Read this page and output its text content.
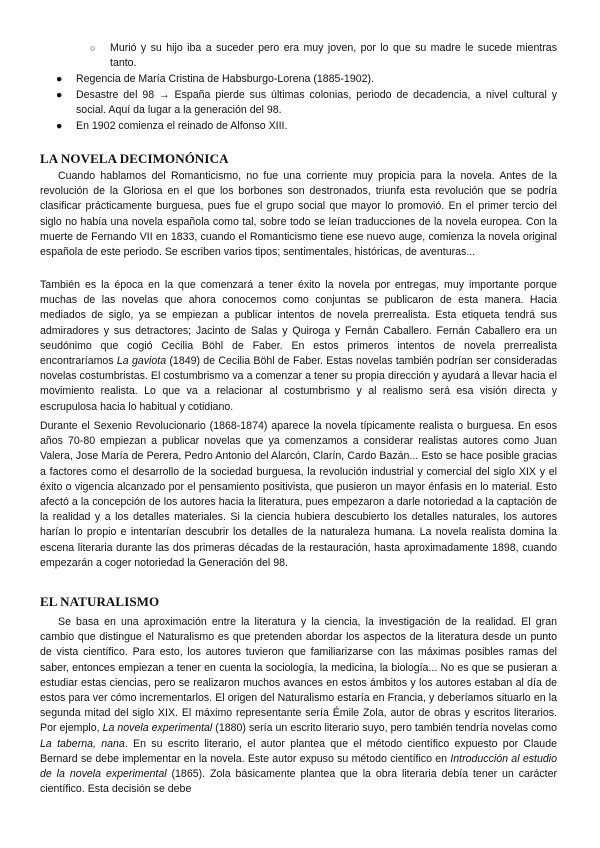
○ Murió y su hijo iba a suceder pero era muy joven, por lo que su madre le sucede mientras tanto.
● Regencia de María Cristina de Habsburgo-Lorena (1885-1902).
● Desastre del 98 → España pierde sus últimas colonias, periodo de decadencia, a nivel cultural y social. Aquí da lugar a la generación del 98.
● En 1902 comienza el reinado de Alfonso XIII.
LA NOVELA DECIMONÓNICA

Cuando hablamos del Romanticismo, no fue una corriente muy propicia para la novela. Antes de la revolución de la Gloriosa en el que los borbones son destronados, triunfa esta revolución que se podría clasificar prácticamente burguesa, pues fue el grupo social que mayor lo promovió. En el primer tercio del siglo no había una novela española como tal, sobre todo se leían traducciones de la novela europea. Con la muerte de Fernando VII en 1833, cuando el Romanticismo tiene ese nuevo auge, comienza la novela original española de este periodo. Se escriben varios tipos; sentimentales, históricas, de aventuras...

También es la época en la que comenzará a tener éxito la novela por entregas, muy importante porque muchas de las novelas que ahora conocemos como conjuntas se publicaron de esta manera. Hacia mediados de siglo, ya se empiezan a publicar intentos de novela prerrealista. Esta etiqueta tendrá sus admiradores y sus detractores; Jacinto de Salas y Quiroga y Fernán Caballero. Fernán Caballero era un seudónimo que cogió Cecilia Böhl de Faber. En estos primeros intentos de novela prerrealista encontraríamos La gaviota (1849) de Cecilia Böhl de Faber. Estas novelas también podrían ser consideradas novelas costumbristas. El costumbrismo va a comenzar a tener su propia dirección y ayudará a llevar hacia el movimiento realista. Lo que va a relacionar al costumbrismo y al realismo será esa visión directa y escrupulosa hacia lo habitual y cotidiano.

Durante el Sexenio Revolucionario (1868-1874) aparece la novela típicamente realista o burguesa. En esos años 70-80 empiezan a publicar novelas que ya comenzamos a considerar realistas autores como Juan Valera, Jose María de Perera, Pedro Antonio del Alarcón, Clarín, Cardo Bazán... Esto se hace posible gracias a factores como el desarrollo de la sociedad burguesa, la revolución industrial y comercial del siglo XIX y el éxito o vigencia alcanzado por el pensamiento positivista, que pusieron un mayor énfasis en lo material. Esto afectó a la concepción de los autores hacia la literatura, pues empezaron a darle notoriedad a la captación de la realidad y a los detalles materiales. Si la ciencia hubiera descubierto los detalles naturales, los autores harían lo propio e intentarían descubrir los detalles de la naturaleza humana. La novela realista domina la escena literaria durante las dos primeras décadas de la restauración, hasta aproximadamente 1898, cuando empezarán a coger notoriedad la Generación del 98.

EL NATURALISMO

Se basa en una aproximación entre la literatura y la ciencia, la investigación de la realidad. El gran cambio que distingue el Naturalismo es que pretenden abordar los aspectos de la literatura desde un punto de vista científico. Para esto, los autores tuvieron que familiarizarse con las máximas posibles ramas del saber, entonces empiezan a tener en cuenta la sociología, la medicina, la biología... No es que se pusieran a estudiar estas ciencias, pero se realizaron muchos avances en estos ámbitos y los autores estaban al día de estos para ver cómo incrementarlos. El origen del Naturalismo estaría en Francia, y deberíamos situarlo en la segunda mitad del siglo XIX. El máximo representante sería Émile Zola, autor de obras y escritos literarios. Por ejemplo, La novela experimental (1880) sería un escrito literario suyo, pero también tendría novelas como La taberna, nana. En su escrito literario, el autor plantea que el método científico expuesto por Claude Bernard se debe implementar en la novela. Este autor expuso su método científico en Introducción al estudio de la novela experimental (1865). Zola básicamente plantea que la obra literaria debía tener un carácter científico. Esta decisión se debe
